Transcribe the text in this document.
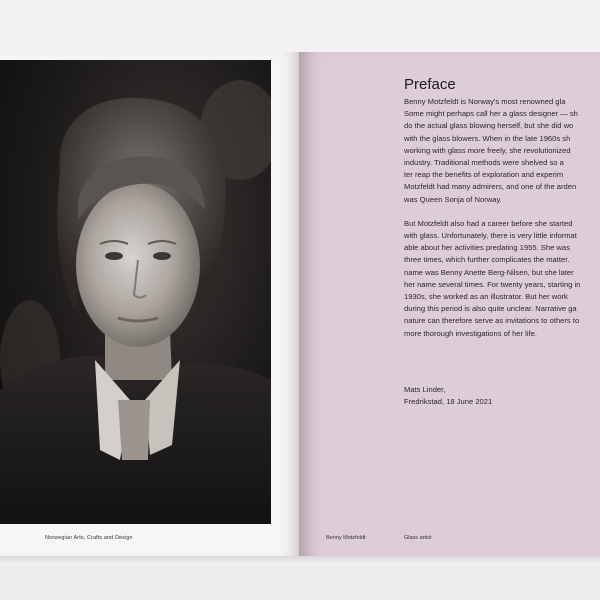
Norwegian Arts, Crafts and Design
Preface

Benny Motzfeldt is Norway's most renowned gla
Some might perhaps call her a glass designer — sh
do the actual glass blowing herself, but she did wo
with the glass blowers. When in the late 1960s sh
working with glass more freely, she revolutionized
industry. Traditional methods were shelved so a
ter reap the benefits of exploration and experim
Motzfeldt had many admirers, and one of the arden
was Queen Sonja of Norway.

But Motzfeldt also had a career before she started
with glass. Unfortunately, there is very little informat
able about her activities predating 1955. She was
three times, which further complicates the matter.
name was Benny Anette Berg-Nilsen, but she later
her name several times. For twenty years, starting in
1930s, she worked as an illustrator. But her work
during this period is also quite unclear. Narrative ga
nature can therefore serve as invitations to others to
more thorough investigations of her life.

Mats Linder,
Fredrikstad, 18 June 2021
Benny Motzfeldt	Glass artist
